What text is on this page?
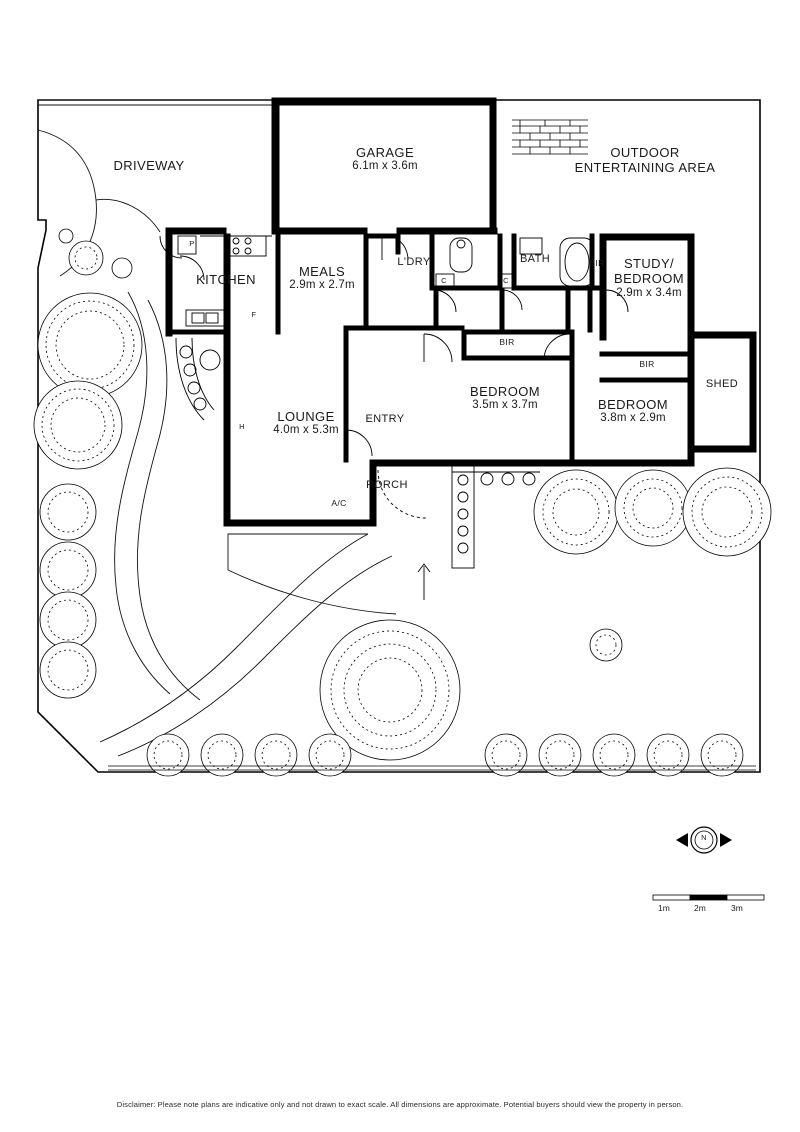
DRIVEWAY
GARAGE
6.1m x 3.6m
OUTDOOR
ENTERTAINING AREA
KITCHEN
MEALS
2.9m x 2.7m
L'DRY	BATH	BIR	STUDY/
BEDROOM
2.9m x 3.4m
SHED
LOUNGE
4.0m x 5.3m
ENTRY
PORCH
BIR
BIR
BEDROOM
3.5m x 3.7m	BEDROOM
3.8m x 2.9m
A/C
P
F
H
C	C
N
1m	2m	3m
Disclaimer: Please note plans are indicative only and not drawn to exact scale. All dimensions are approximate. Potential buyers should view the property in person.
